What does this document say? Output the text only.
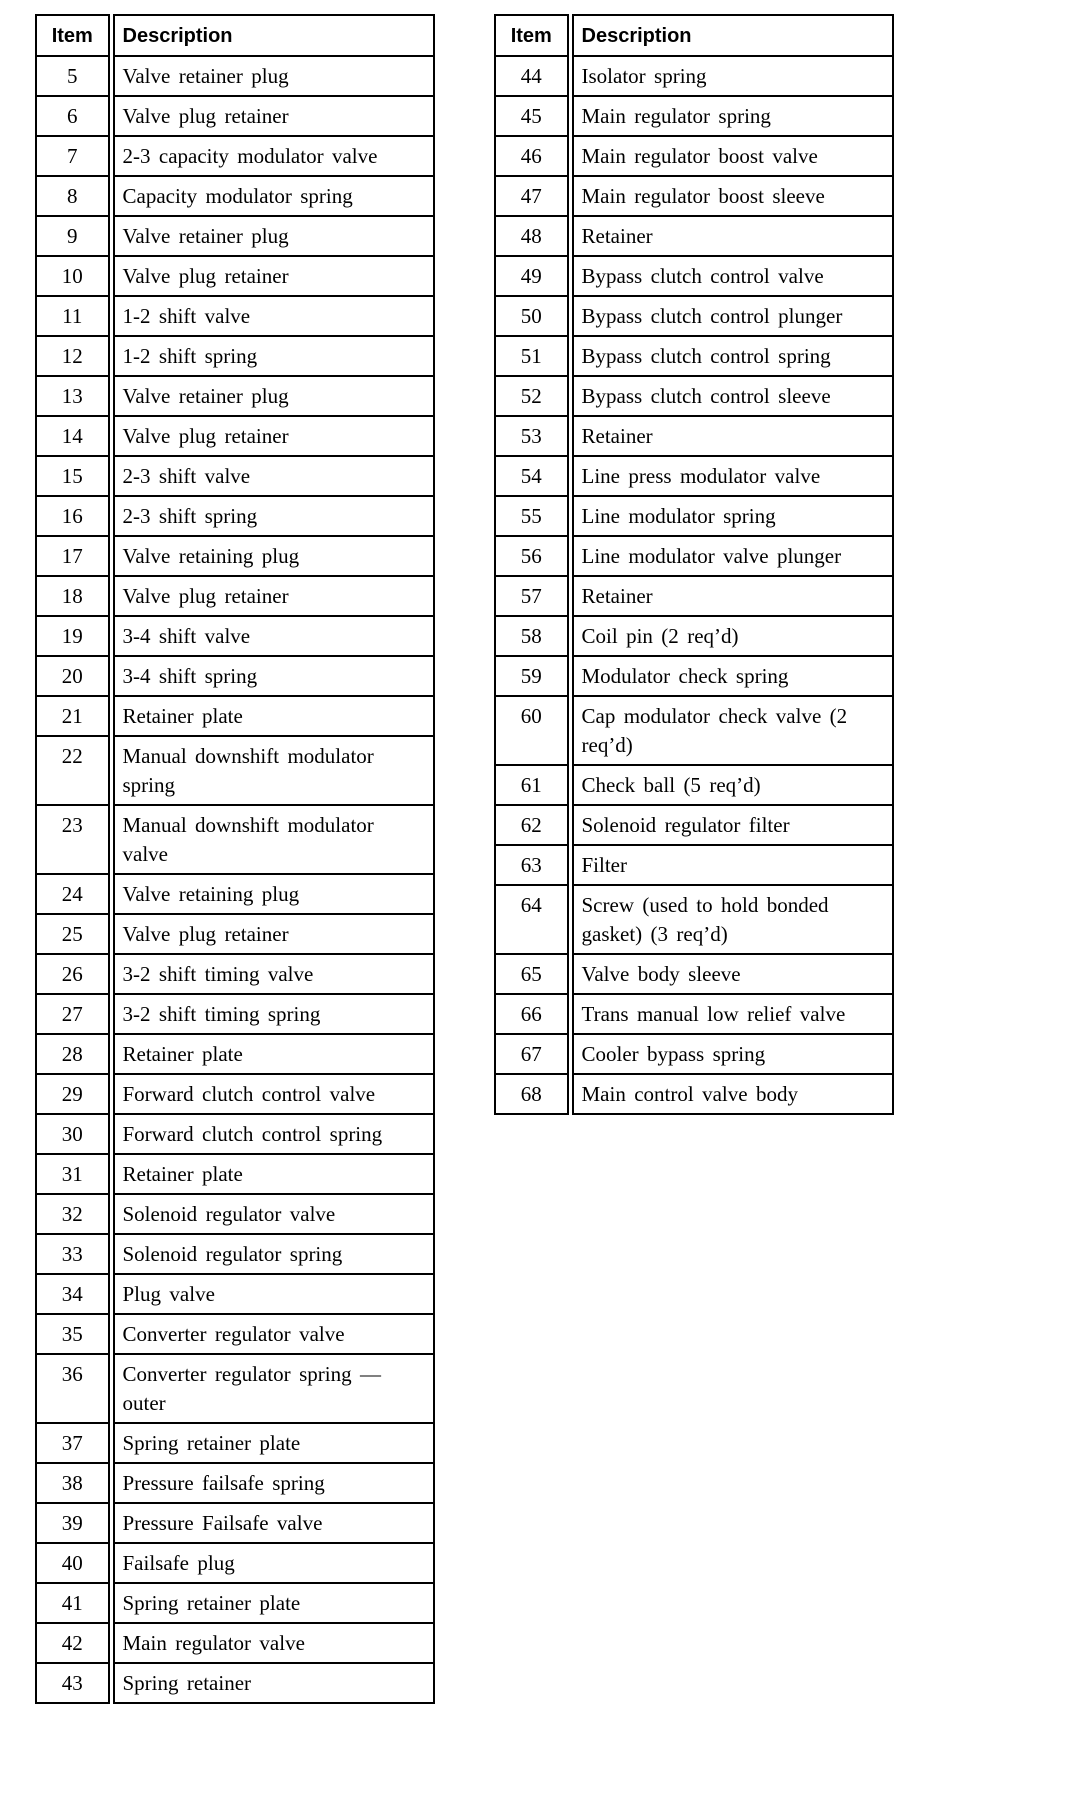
Item	Description
5	Valve retainer plug
6	Valve plug retainer
7	2-3 capacity modulator valve
8	Capacity modulator spring
9	Valve retainer plug
10	Valve plug retainer
11	1-2 shift valve
12	1-2 shift spring
13	Valve retainer plug
14	Valve plug retainer
15	2-3 shift valve
16	2-3 shift spring
17	Valve retaining plug
18	Valve plug retainer
19	3-4 shift valve
20	3-4 shift spring
21	Retainer plate
22	Manual downshift modulator spring
23	Manual downshift modulator valve
24	Valve retaining plug
25	Valve plug retainer
26	3-2 shift timing valve
27	3-2 shift timing spring
28	Retainer plate
29	Forward clutch control valve
30	Forward clutch control spring
31	Retainer plate
32	Solenoid regulator valve
33	Solenoid regulator spring
34	Plug valve
35	Converter regulator valve
36	Converter regulator spring — outer
37	Spring retainer plate
38	Pressure failsafe spring
39	Pressure Failsafe valve
40	Failsafe plug
41	Spring retainer plate
42	Main regulator valve
43	Spring retainer
Item	Description
44	Isolator spring
45	Main regulator spring
46	Main regulator boost valve
47	Main regulator boost sleeve
48	Retainer
49	Bypass clutch control valve
50	Bypass clutch control plunger
51	Bypass clutch control spring
52	Bypass clutch control sleeve
53	Retainer
54	Line press modulator valve
55	Line modulator spring
56	Line modulator valve plunger
57	Retainer
58	Coil pin (2 req’d)
59	Modulator check spring
60	Cap modulator check valve (2 req’d)
61	Check ball (5 req’d)
62	Solenoid regulator filter
63	Filter
64	Screw (used to hold bonded gasket) (3 req’d)
65	Valve body sleeve
66	Trans manual low relief valve
67	Cooler bypass spring
68	Main control valve body
